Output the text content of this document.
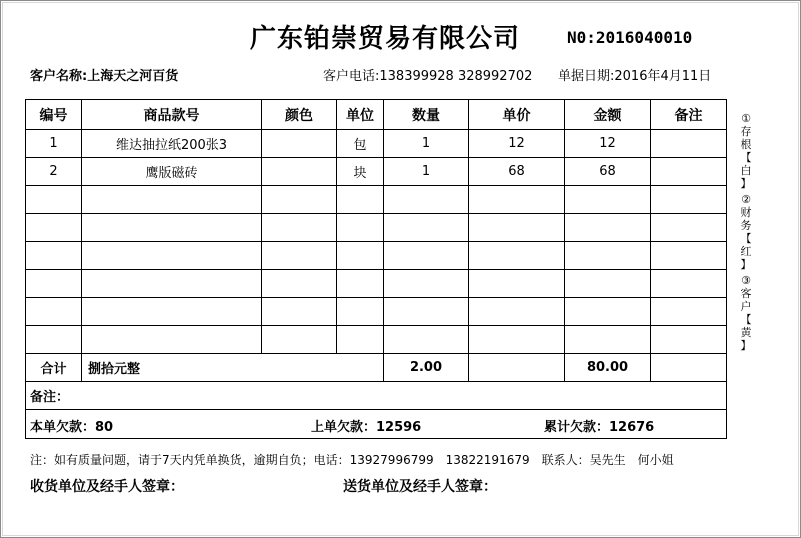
广东铂崇贸易有限公司	N0:2016040010
客户名称:上海天之河百货	客户电话:138399928 328992702 单据日期:2016年4月11日
编号	商品款号	颜色	单位	数量	单价	金额	备注
1	维达抽拉纸200张3		包	1	12	12	
2	鹰版磁砖		块	1	68	68	

合计	捌拾元整			2.00		80.00	
备注：							

本单欠款：80 上单欠款：12596 累计欠款：12676							
①
存
根
【
白
】
②
财
务
【
红
】
③
客
户
【
黄
】
注：如有质量问题，请于7天内凭单换货，逾期自负；电话：13927996799　13822191679　联系人：吴先生　何小姐
收货单位及经手人签章：	送货单位及经手人签章：
